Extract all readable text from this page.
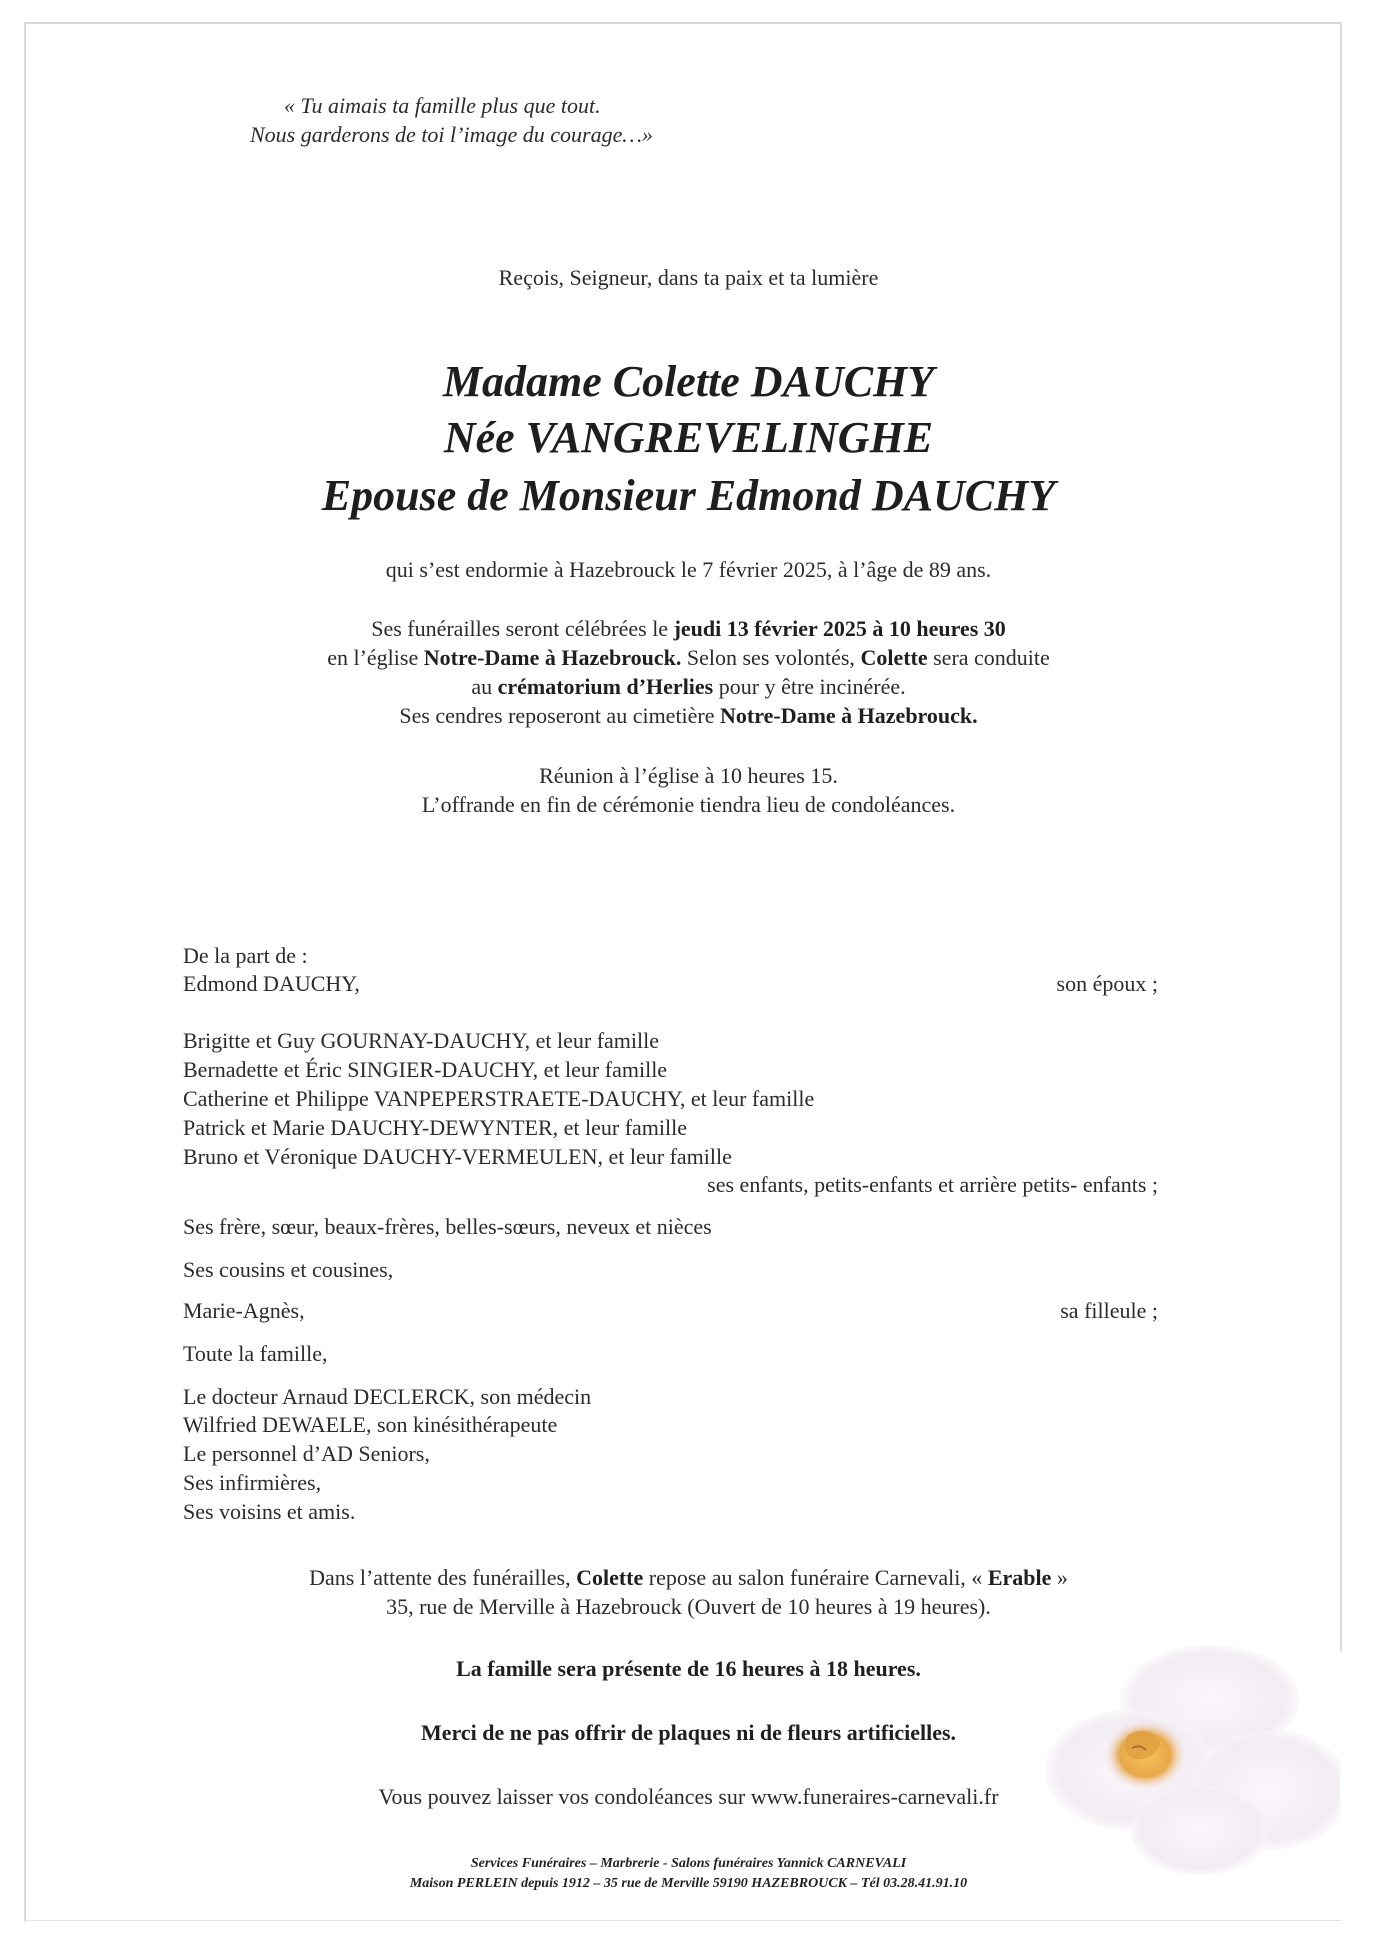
« Tu aimais ta famille plus que tout.
Nous garderons de toi l’image du courage…»
Reçois, Seigneur, dans ta paix et ta lumière
Madame Colette DAUCHY
Née VANGREVELINGHE
Epouse de Monsieur Edmond DAUCHY
qui s’est endormie à Hazebrouck le 7 février 2025, à l’âge de 89 ans.
Ses funérailles seront célébrées le jeudi 13 février 2025 à 10 heures 30
en l’église Notre-Dame à Hazebrouck. Selon ses volontés, Colette sera conduite
au crématorium d’Herlies pour y être incinérée.
Ses cendres reposeront au cimetière Notre-Dame à Hazebrouck.
Réunion à l’église à 10 heures 15.
L’offrande en fin de cérémonie tiendra lieu de condoléances.
De la part de :
Edmond DAUCHY,	son époux ;
Brigitte et Guy GOURNAY-DAUCHY, et leur famille
Bernadette et Éric SINGIER-DAUCHY, et leur famille
Catherine et Philippe VANPEPERSTRAETE-DAUCHY, et leur famille
Patrick et Marie DAUCHY-DEWYNTER, et leur famille
Bruno et Véronique DAUCHY-VERMEULEN, et leur famille
ses enfants, petits-enfants et arrière petits- enfants ;
Ses frère, sœur, beaux-frères, belles-sœurs, neveux et nièces
Ses cousins et cousines,
Marie-Agnès,	sa filleule ;
Toute la famille,
Le docteur Arnaud DECLERCK, son médecin
Wilfried DEWAELE, son kinésithérapeute
Le personnel d’AD Seniors,
Ses infirmières,
Ses voisins et amis.
Dans l’attente des funérailles, Colette repose au salon funéraire Carnevali, « Erable »
35, rue de Merville à Hazebrouck (Ouvert de 10 heures à 19 heures).
La famille sera présente de 16 heures à 18 heures.
Merci de ne pas offrir de plaques ni de fleurs artificielles.
Vous pouvez laisser vos condoléances sur www.funeraires-carnevali.fr
Services Funéraires – Marbrerie - Salons funéraires Yannick CARNEVALI
Maison PERLEIN depuis 1912 – 35 rue de Merville 59190 HAZEBROUCK – Tél 03.28.41.91.10
